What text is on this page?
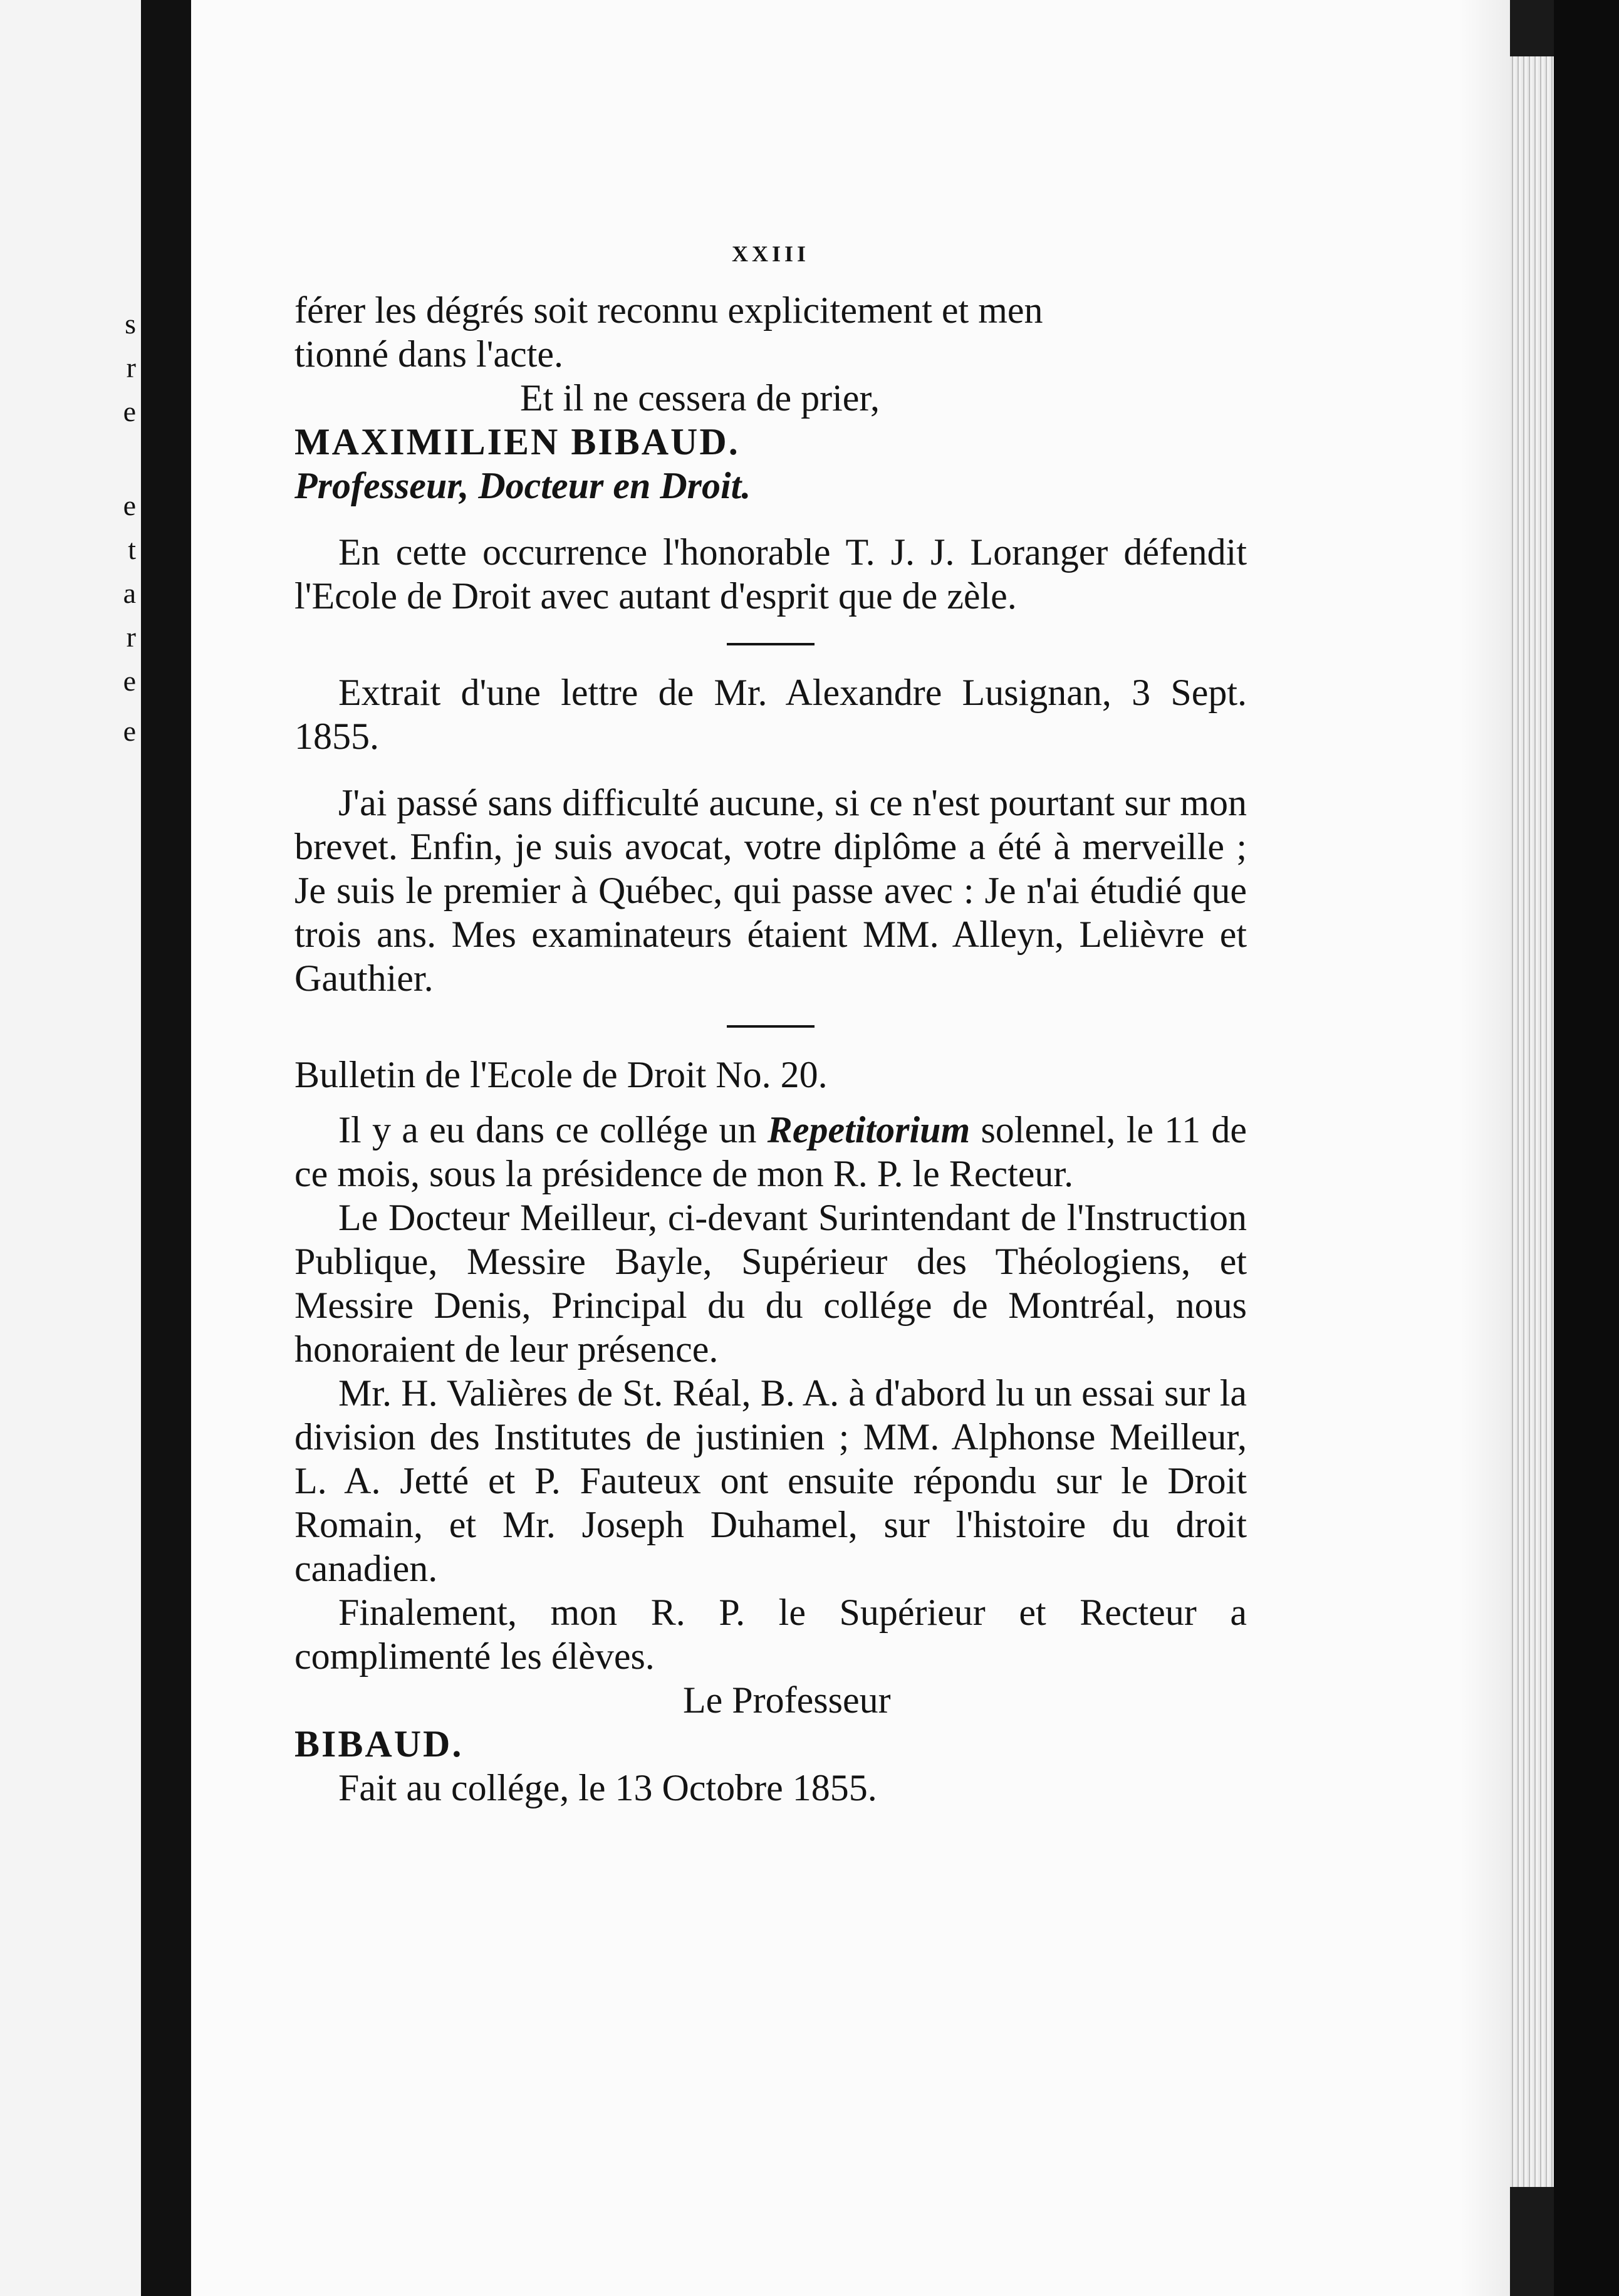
s
r
e
e
t
a
r
e
e
XXIII

férer les dégrés soit reconnu explicitement et men

tionné dans l'acte.

Et il ne cessera de prier,

MAXIMILIEN BIBAUD.

Professeur, Docteur en Droit.

En cette occurrence l'honorable T. J. J. Loranger défendit l'Ecole de Droit avec autant d'esprit que de zèle.

Extrait d'une lettre de Mr. Alexandre Lusignan, 3 Sept. 1855.

J'ai passé sans difficulté aucune, si ce n'est pourtant sur mon brevet. Enfin, je suis avocat, votre diplôme a été à merveille ; Je suis le premier à Québec, qui passe avec : Je n'ai étudié que trois ans. Mes examinateurs étaient MM. Alleyn, Lelièvre et Gauthier.

Bulletin de l'Ecole de Droit No. 20.

Il y a eu dans ce collége un Repetitorium solennel, le 11 de ce mois, sous la présidence de mon R. P. le Recteur.

Le Docteur Meilleur, ci-devant Surintendant de l'Instruction Publique, Messire Bayle, Supérieur des Théologiens, et Messire Denis, Principal du du collége de Montréal, nous honoraient de leur présence.

Mr. H. Valières de St. Réal, B. A. à d'abord lu un essai sur la division des Institutes de justinien ; MM. Alphonse Meilleur, L. A. Jetté et P. Fauteux ont ensuite répondu sur le Droit Romain, et Mr. Joseph Duhamel, sur l'histoire du droit canadien.

Finalement, mon R. P. le Supérieur et Recteur a complimenté les élèves.

Le Professeur

BIBAUD.

Fait au collége, le 13 Octobre 1855.
